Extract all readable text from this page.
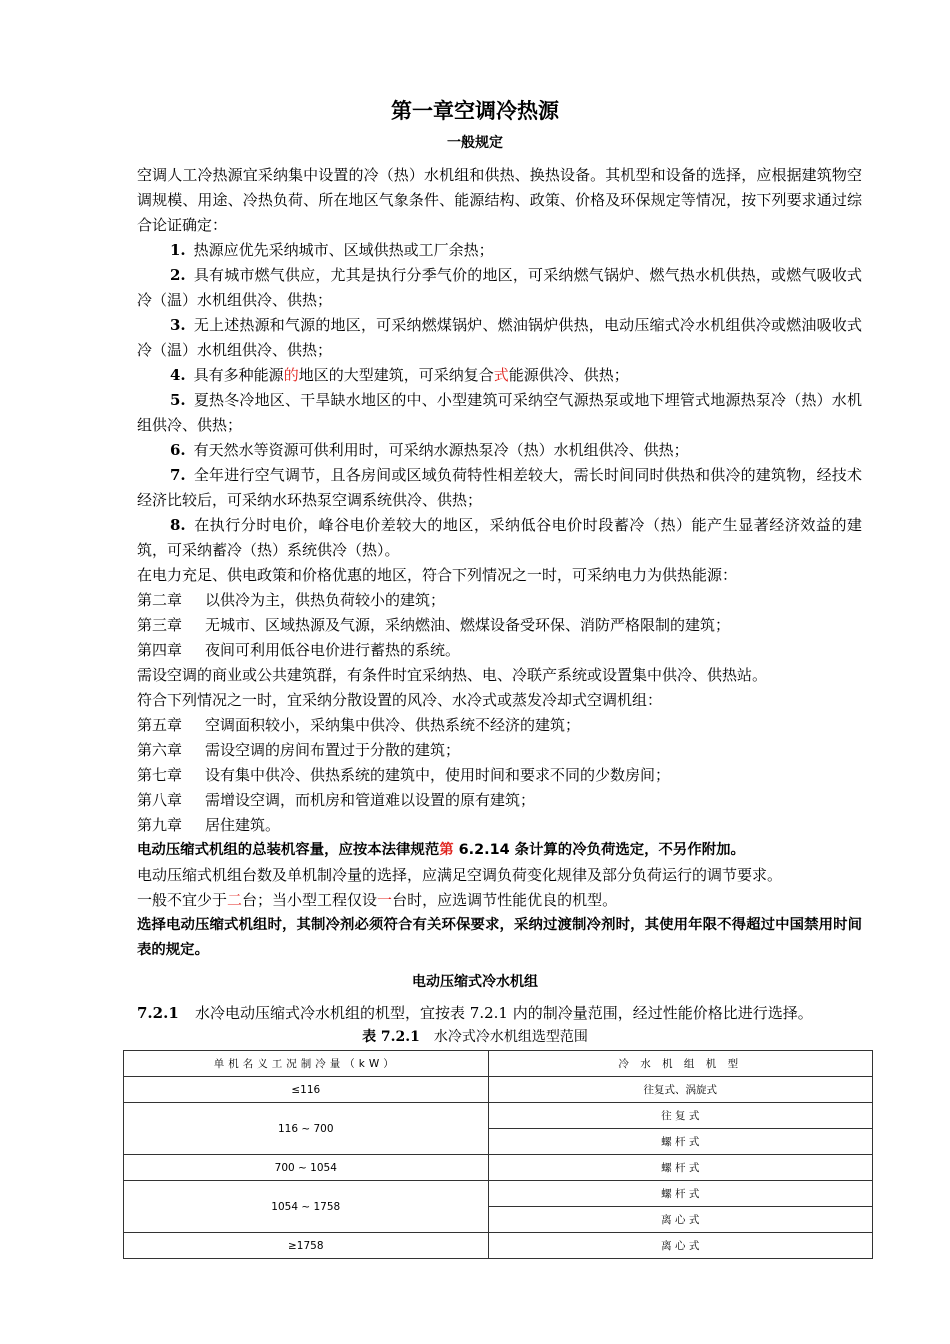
第一章空调冷热源
一般规定

空调人工冷热源宜采纳集中设置的冷（热）水机组和供热、换热设备。其机型和设备的选择，应根据建筑物空调规模、用途、冷热负荷、所在地区气象条件、能源结构、政策、价格及环保规定等情况，按下列要求通过综合论证确定：

1. 热源应优先采纳城市、区域供热或工厂余热；

2. 具有城市燃气供应，尤其是执行分季气价的地区，可采纳燃气锅炉、燃气热水机供热，或燃气吸收式冷（温）水机组供冷、供热；

3. 无上述热源和气源的地区，可采纳燃煤锅炉、燃油锅炉供热，电动压缩式冷水机组供冷或燃油吸收式冷（温）水机组供冷、供热；

4. 具有多种能源的地区的大型建筑，可采纳复合式能源供冷、供热；

5. 夏热冬冷地区、干旱缺水地区的中、小型建筑可采纳空气源热泵或地下埋管式地源热泵冷（热）水机组供冷、供热；

6. 有天然水等资源可供利用时，可采纳水源热泵冷（热）水机组供冷、供热；

7. 全年进行空气调节，且各房间或区域负荷特性相差较大，需长时间同时供热和供冷的建筑物，经技术经济比较后，可采纳水环热泵空调系统供冷、供热；

8. 在执行分时电价，峰谷电价差较大的地区，采纳低谷电价时段蓄冷（热）能产生显著经济效益的建筑，可采纳蓄冷（热）系统供冷（热）。

在电力充足、供电政策和价格优惠的地区，符合下列情况之一时，可采纳电力为供热能源：

第二章 以供冷为主，供热负荷较小的建筑；

第三章 无城市、区域热源及气源，采纳燃油、燃煤设备受环保、消防严格限制的建筑；

第四章 夜间可利用低谷电价进行蓄热的系统。

需设空调的商业或公共建筑群，有条件时宜采纳热、电、冷联产系统或设置集中供冷、供热站。

符合下列情况之一时，宜采纳分散设置的风冷、水冷式或蒸发冷却式空调机组：

第五章 空调面积较小，采纳集中供冷、供热系统不经济的建筑；

第六章 需设空调的房间布置过于分散的建筑；

第七章 设有集中供冷、供热系统的建筑中，使用时间和要求不同的少数房间；

第八章 需增设空调，而机房和管道难以设置的原有建筑；

第九章 居住建筑。

电动压缩式机组的总装机容量，应按本法律规范第 6.2.14 条计算的冷负荷选定，不另作附加。

电动压缩式机组台数及单机制冷量的选择，应满足空调负荷变化规律及部分负荷运行的调节要求。

一般不宜少于二台；当小型工程仅设一台时，应选调节性能优良的机型。

选择电动压缩式机组时，其制冷剂必须符合有关环保要求，采纳过渡制冷剂时，其使用年限不得超过中国禁用时间表的规定。

电动压缩式冷水机组

7.2.1 水冷电动压缩式冷水机组的机型，宜按表 7.2.1 内的制冷量范围，经过性能价格比进行选择。

表 7.2.1 水冷式冷水机组选型范围

单机名义工况制冷量（kW）	冷 水 机 组 机 型
≤116	往复式、涡旋式
116 ~ 700	往 复 式
	螺 杆 式
700 ~ 1054	螺 杆 式
1054 ~ 1758	螺 杆 式
	离 心 式
≥1758	离 心 式
